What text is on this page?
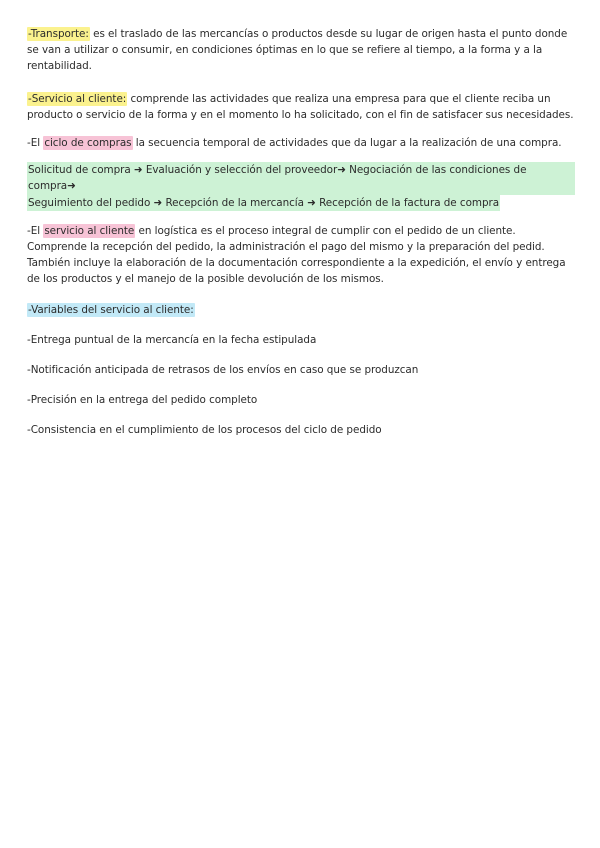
-Transporte: es el traslado de las mercancías o productos desde su lugar de origen hasta el punto donde se van a utilizar o consumir, en condiciones óptimas en lo que se refiere al tiempo, a la forma y a la rentabilidad.

-Servicio al cliente: comprende las actividades que realiza una empresa para que el cliente reciba un producto o servicio de la forma y en el momento lo ha solicitado, con el fin de satisfacer sus necesidades.

-El ciclo de compras la secuencia temporal de actividades que da lugar a la realización de una compra.

Solicitud de compra ➜ Evaluación y selección del proveedor➜ Negociación de las condiciones de compra➜
Seguimiento del pedido ➜ Recepción de la mercancía ➜ Recepción de la factura de compra

-El servicio al cliente en logística es el proceso integral de cumplir con el pedido de un cliente. Comprende la recepción del pedido, la administración el pago del mismo y la preparación del pedid. También incluye la elaboración de la documentación correspondiente a la expedición, el envío y entrega de los productos y el manejo de la posible devolución de los mismos.

-Variables del servicio al cliente:

-Entrega puntual de la mercancía en la fecha estipulada

-Notificación anticipada de retrasos de los envíos en caso que se produzcan

-Precisión en la entrega del pedido completo

-Consistencia en el cumplimiento de los procesos del ciclo de pedido
